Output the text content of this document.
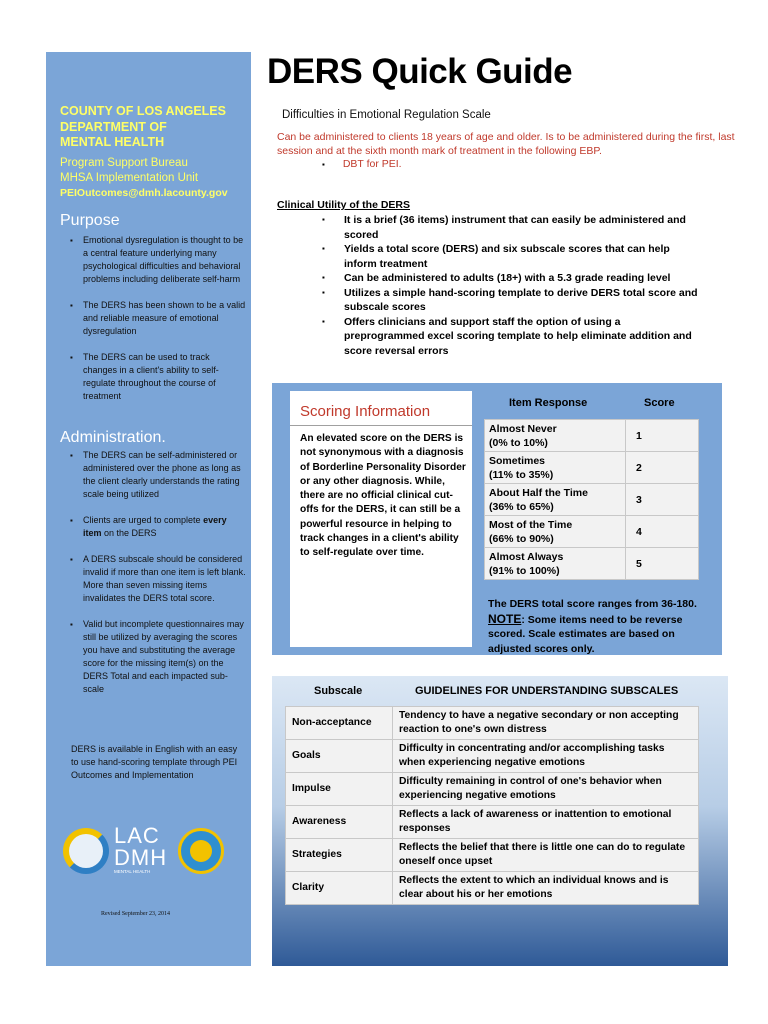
COUNTY OF LOS ANGELES
DEPARTMENT OF
MENTAL HEALTH
Program Support Bureau
MHSA Implementation Unit
PEIOutcomes@dmh.lacounty.gov
Purpose
▪ Emotional dysregulation is thought to be a central feature underlying many psychological difficulties and behavioral problems including deliberate self-harm
▪ The DERS has been shown to be a valid and reliable measure of emotional dysregulation
▪ The DERS can be used to track changes in a client's ability to self-regulate throughout the course of treatment
Administration.
▪ The DERS can be self-administered or administered over the phone as long as the client clearly understands the rating scale being utilized
▪ Clients are urged to complete every item on the DERS
▪ A DERS subscale should be considered invalid if more than one item is left blank. More than seven missing items invalidates the DERS total score.
▪ Valid but incomplete questionnaires may still be utilized by averaging the scores you have and substituting the average score for the missing item(s) on the DERS Total and each impacted sub-scale
DERS is available in English with an easy to use hand-scoring template through PEI Outcomes and Implementation
LAC
DMH
MENTAL HEALTH
Revised September 23, 2014
DERS Quick Guide
Difficulties in Emotional Regulation Scale
Can be administered to clients 18 years of age and older. Is to be administered during the first, last session and at the sixth month mark of treatment in the following EBP.
▪ DBT for PEI.
Clinical Utility of the DERS
▪ It is a brief (36 items) instrument that can easily be administered and scored
▪ Yields a total score (DERS) and six subscale scores that can help inform treatment
▪ Can be administered to adults (18+) with a 5.3 grade reading level
▪ Utilizes a simple hand-scoring template to derive DERS total score and subscale scores
▪ Offers clinicians and support staff the option of using a preprogrammed excel scoring template to help eliminate addition and score reversal errors
Scoring Information
An elevated score on the DERS is not synonymous with a diagnosis of Borderline Personality Disorder or any other diagnosis. While, there are no official clinical cut-offs for the DERS, it can still be a powerful resource in helping to track changes in a client's ability to self-regulate over time.
Item Response	Score
Almost Never
(0% to 10%)	1

Sometimes
(11% to 35%)	2

About Half the Time
(36% to 65%)	3

Most of the Time
(66% to 90%)	4

Almost Always
(91% to 100%)	5
The DERS total score ranges from 36-180. NOTE: Some items need to be reverse scored. Scale estimates are based on adjusted scores only.
Subscale	GUIDELINES FOR UNDERSTANDING SUBSCALES
Non-acceptance	Tendency to have a negative secondary or non accepting reaction to one's own distress
Goals	Difficulty in concentrating and/or accomplishing tasks when experiencing negative emotions
Impulse	Difficulty remaining in control of one's behavior when experiencing negative emotions
Awareness	Reflects a lack of awareness or inattention to emotional responses
Strategies	Reflects the belief that there is little one can do to regulate oneself once upset
Clarity	Reflects the extent to which an individual knows and is clear about his or her emotions
